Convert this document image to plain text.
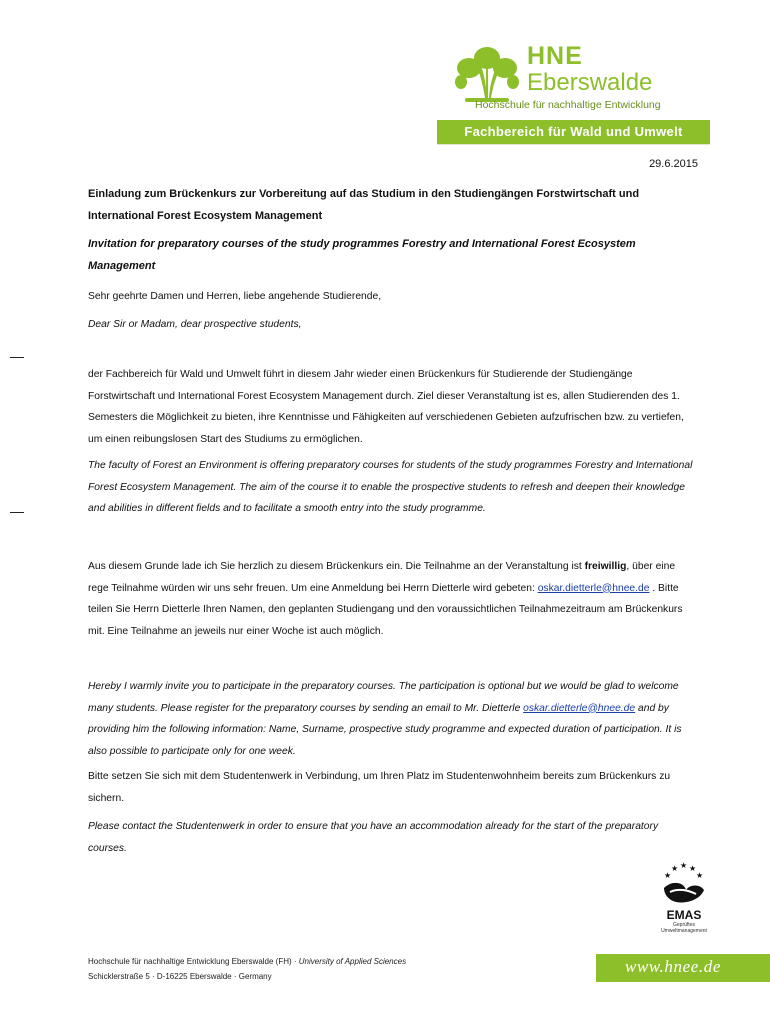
HNE
Eberswalde
Hochschule für nachhaltige Entwicklung
Fachbereich für Wald und Umwelt
29.6.2015

Einladung zum Brückenkurs zur Vorbereitung auf das Studium in den Studiengängen Forstwirtschaft und International Forest Ecosystem Management

Invitation for preparatory courses of the study programmes Forestry and International Forest Ecosystem Management

Sehr geehrte Damen und Herren, liebe angehende Studierende,

Dear Sir or Madam, dear prospective students,

der Fachbereich für Wald und Umwelt führt in diesem Jahr wieder einen Brückenkurs für Studierende der Studiengänge Forstwirtschaft und International Forest Ecosystem Management durch. Ziel dieser Veranstaltung ist es, allen Studierenden des 1. Semesters die Möglichkeit zu bieten, ihre Kenntnisse und Fähigkeiten auf verschiedenen Gebieten aufzufrischen bzw. zu vertiefen, um einen reibungslosen Start des Studiums zu ermöglichen.

The faculty of Forest an Environment is offering preparatory courses for students of the study programmes Forestry and International Forest Ecosystem Management. The aim of the course it to enable the prospective students to refresh and deepen their knowledge and abilities in different fields and to facilitate a smooth entry into the study programme.

Aus diesem Grunde lade ich Sie herzlich zu diesem Brückenkurs ein. Die Teilnahme an der Veranstaltung ist freiwillig, über eine rege Teilnahme würden wir uns sehr freuen. Um eine Anmeldung bei Herrn Dietterle wird gebeten: oskar.dietterle@hnee.de . Bitte teilen Sie Herrn Dietterle Ihren Namen, den geplanten Studiengang und den voraussichtlichen Teilnahmezeitraum am Brückenkurs mit. Eine Teilnahme an jeweils nur einer Woche ist auch möglich.

Hereby I warmly invite you to participate in the preparatory courses. The participation is optional but we would be glad to welcome many students. Please register for the preparatory courses by sending an email to Mr. Dietterle oskar.dietterle@hnee.de and by providing him the following information: Name, Surname, prospective study programme and expected duration of participation. It is also possible to participate only for one week.

Bitte setzen Sie sich mit dem Studentenwerk in Verbindung, um Ihren Platz im Studentenwohnheim bereits zum Brückenkurs zu sichern.

Please contact the Studentenwerk in order to ensure that you have an accommodation already for the start of the preparatory courses.

★
★ ★ ★
★
EMAS
Geprüftes Umweltmanagement
Hochschule für nachhaltige Entwicklung Eberswalde (FH) · University of Applied Sciences
Schicklerstraße 5 · D-16225 Eberswalde · Germany
www.hnee.de
